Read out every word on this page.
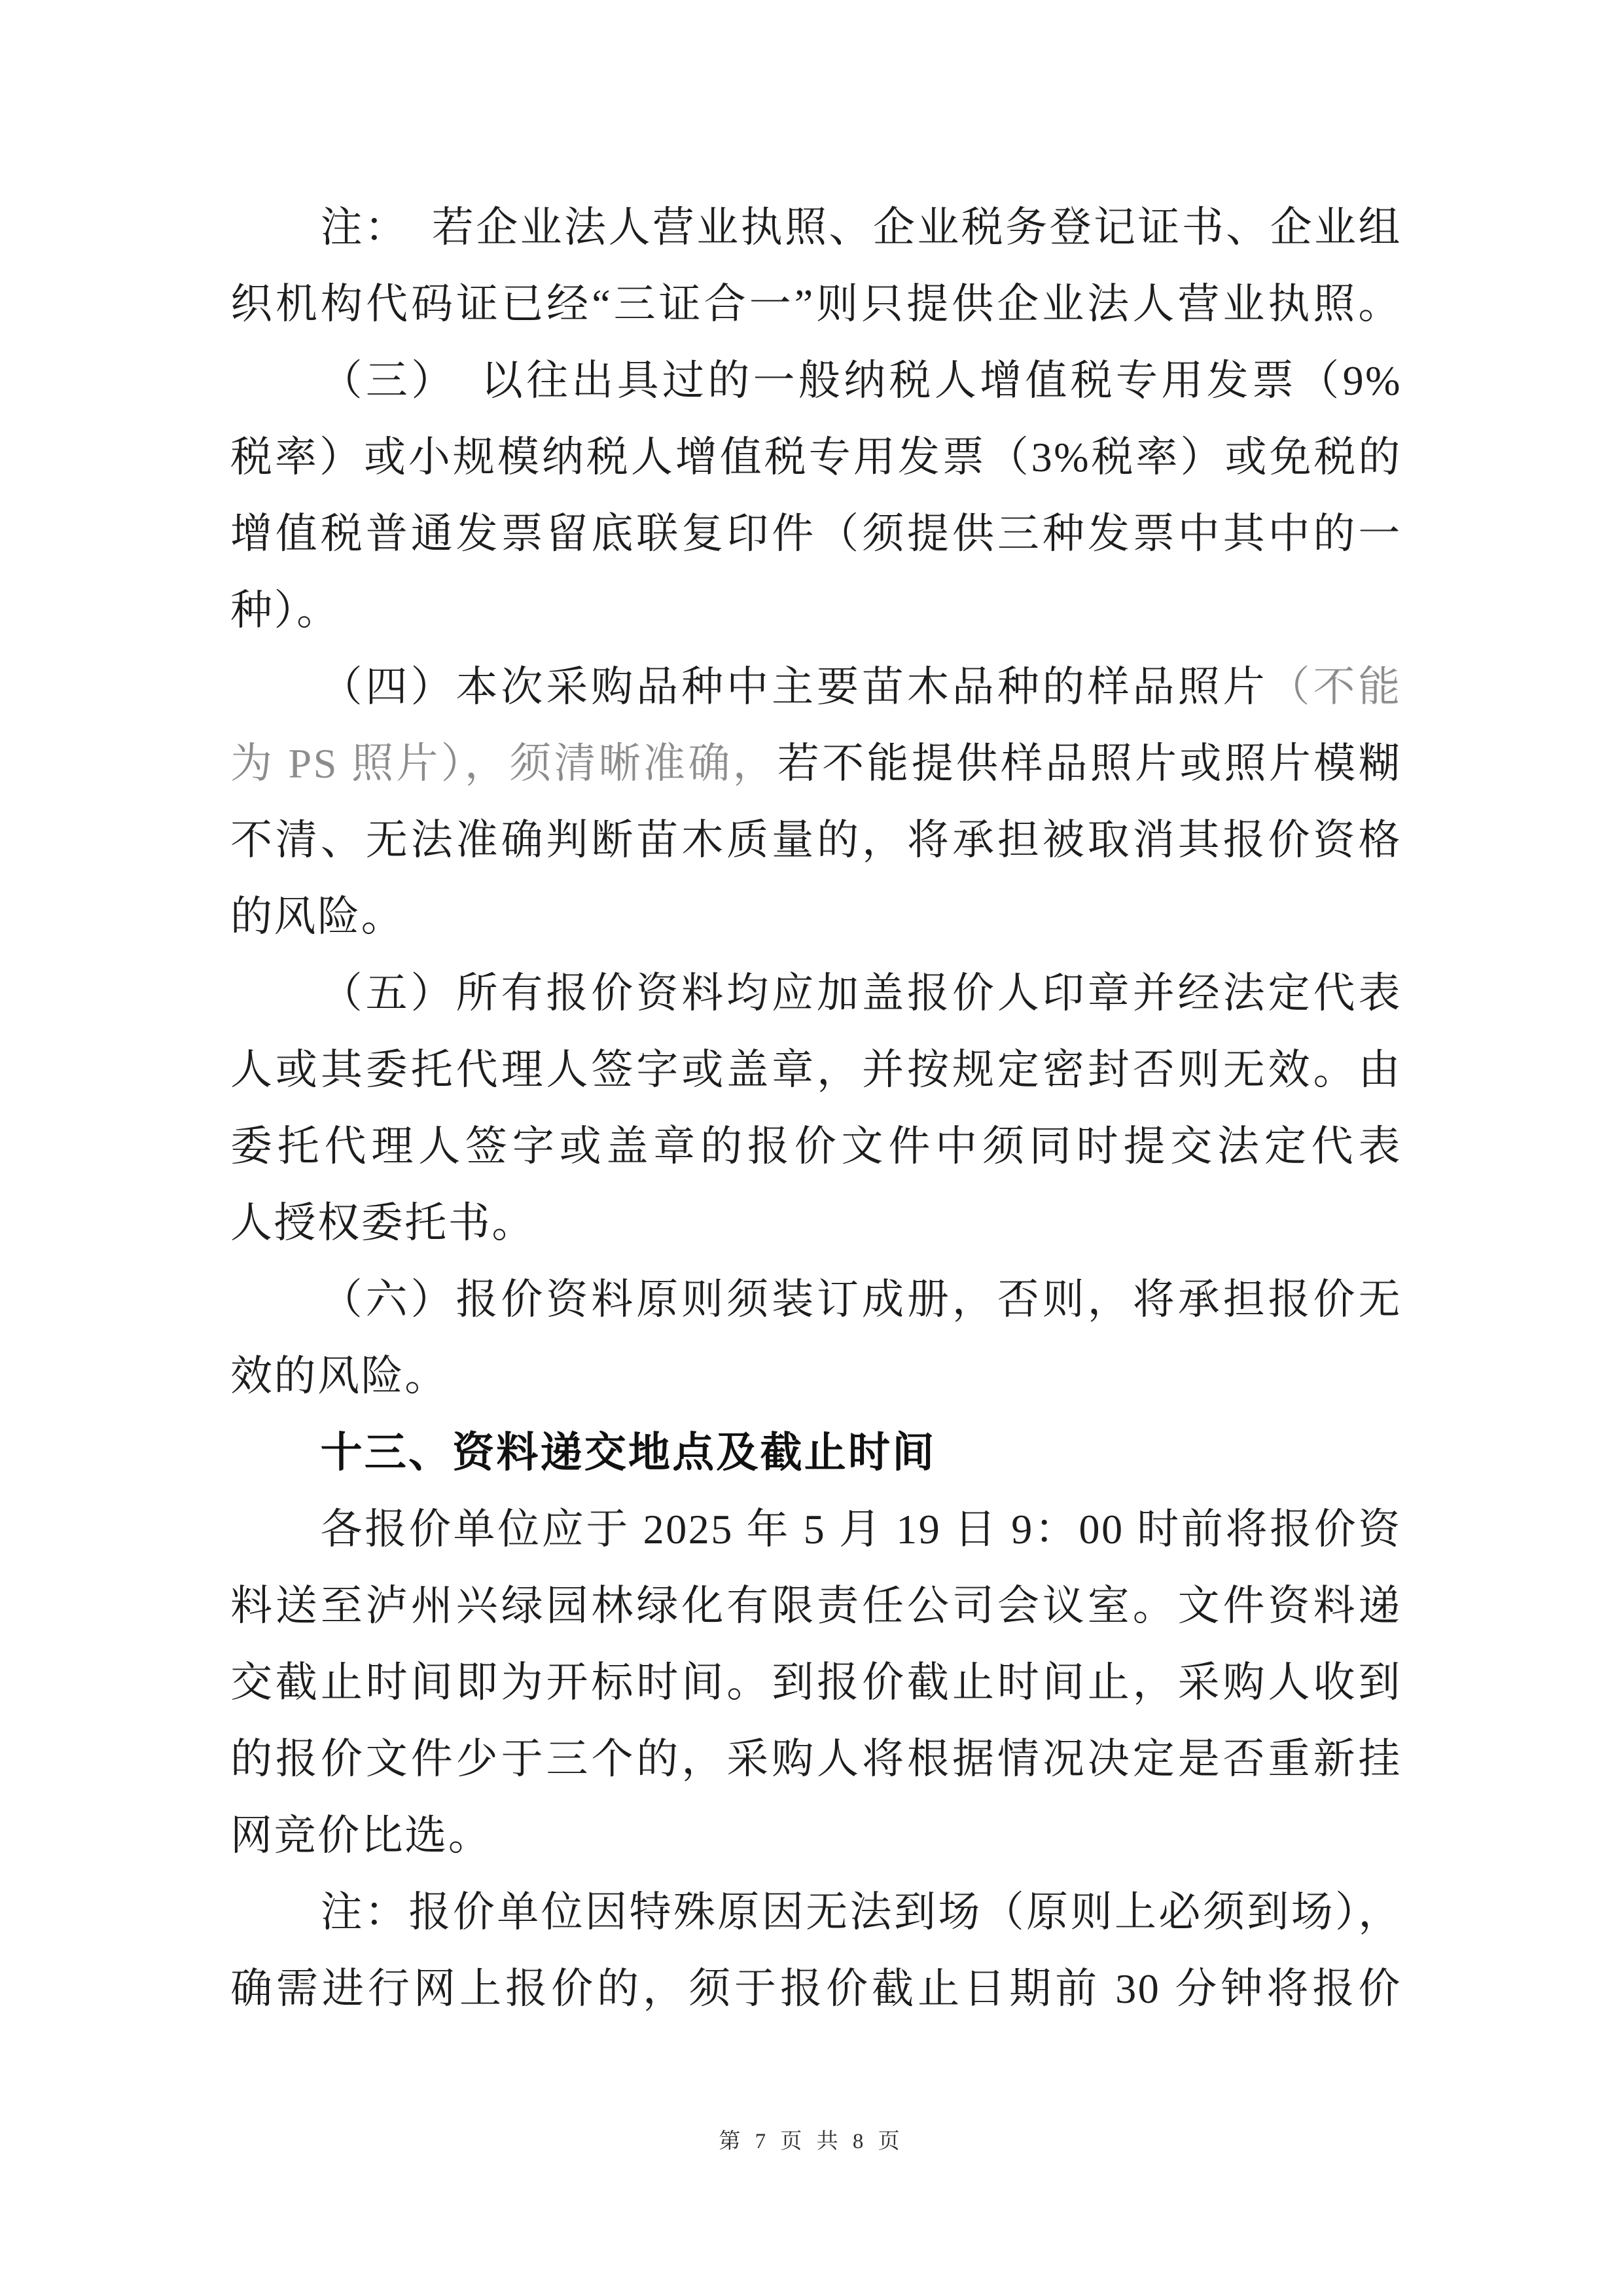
注：　若企业法人营业执照、企业税务登记证书、企业组
织机构代码证已经“三证合一”则只提供企业法人营业执照。
（三）　以往出具过的一般纳税人增值税专用发票（9%
税率）或小规模纳税人增值税专用发票（3%税率）或免税的
增值税普通发票留底联复印件（须提供三种发票中其中的一
种）。
（四）本次采购品种中主要苗木品种的样品照片（不能
为 PS 照片），须清晰准确，若不能提供样品照片或照片模糊
不清、无法准确判断苗木质量的，将承担被取消其报价资格
的风险。
（五）所有报价资料均应加盖报价人印章并经法定代表
人或其委托代理人签字或盖章，并按规定密封否则无效。由
委托代理人签字或盖章的报价文件中须同时提交法定代表
人授权委托书。
（六）报价资料原则须装订成册，否则，将承担报价无
效的风险。
十三、资料递交地点及截止时间
各报价单位应于 2025 年 5 月 19 日 9：00 时前将报价资
料送至泸州兴绿园林绿化有限责任公司会议室。文件资料递
交截止时间即为开标时间。到报价截止时间止，采购人收到
的报价文件少于三个的，采购人将根据情况决定是否重新挂
网竞价比选。
注：报价单位因特殊原因无法到场（原则上必须到场），
确需进行网上报价的，须于报价截止日期前 30 分钟将报价
第 7 页 共 8 页
